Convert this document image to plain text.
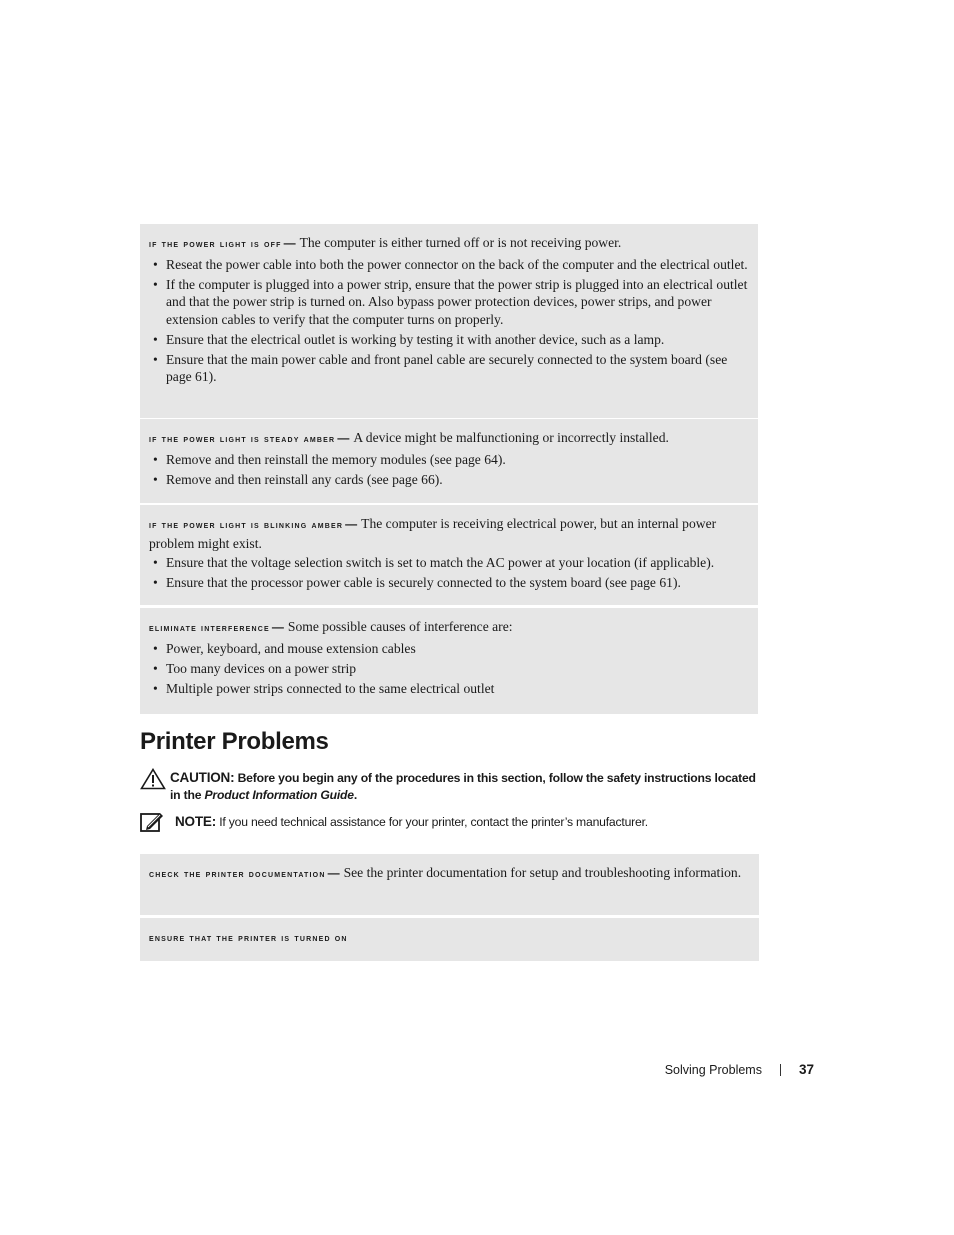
if the power light is off — The computer is either turned off or is not receiving power.

• Reseat the power cable into both the power connector on the back of the computer and the electrical outlet.
• If the computer is plugged into a power strip, ensure that the power strip is plugged into an electrical outlet and that the power strip is turned on. Also bypass power protection devices, power strips, and power extension cables to verify that the computer turns on properly.
• Ensure that the electrical outlet is working by testing it with another device, such as a lamp.
• Ensure that the main power cable and front panel cable are securely connected to the system board (see page 61).

if the power light is steady amber — A device might be malfunctioning or incorrectly installed.

• Remove and then reinstall the memory modules (see page 64).
• Remove and then reinstall any cards (see page 66).

if the power light is blinking amber — The computer is receiving electrical power, but an internal power problem might exist.

• Ensure that the voltage selection switch is set to match the AC power at your location (if applicable).
• Ensure that the processor power cable is securely connected to the system board (see page 61).

eliminate interference — Some possible causes of interference are:

• Power, keyboard, and mouse extension cables
• Too many devices on a power strip
• Multiple power strips connected to the same electrical outlet
Printer Problems
CAUTION: Before you begin any of the procedures in this section, follow the safety instructions located in the Product Information Guide.
NOTE: If you need technical assistance for your printer, contact the printer’s manufacturer.

check the printer documentation — See the printer documentation for setup and troubleshooting information.

ensure that the printer is turned on

Solving Problems	37
